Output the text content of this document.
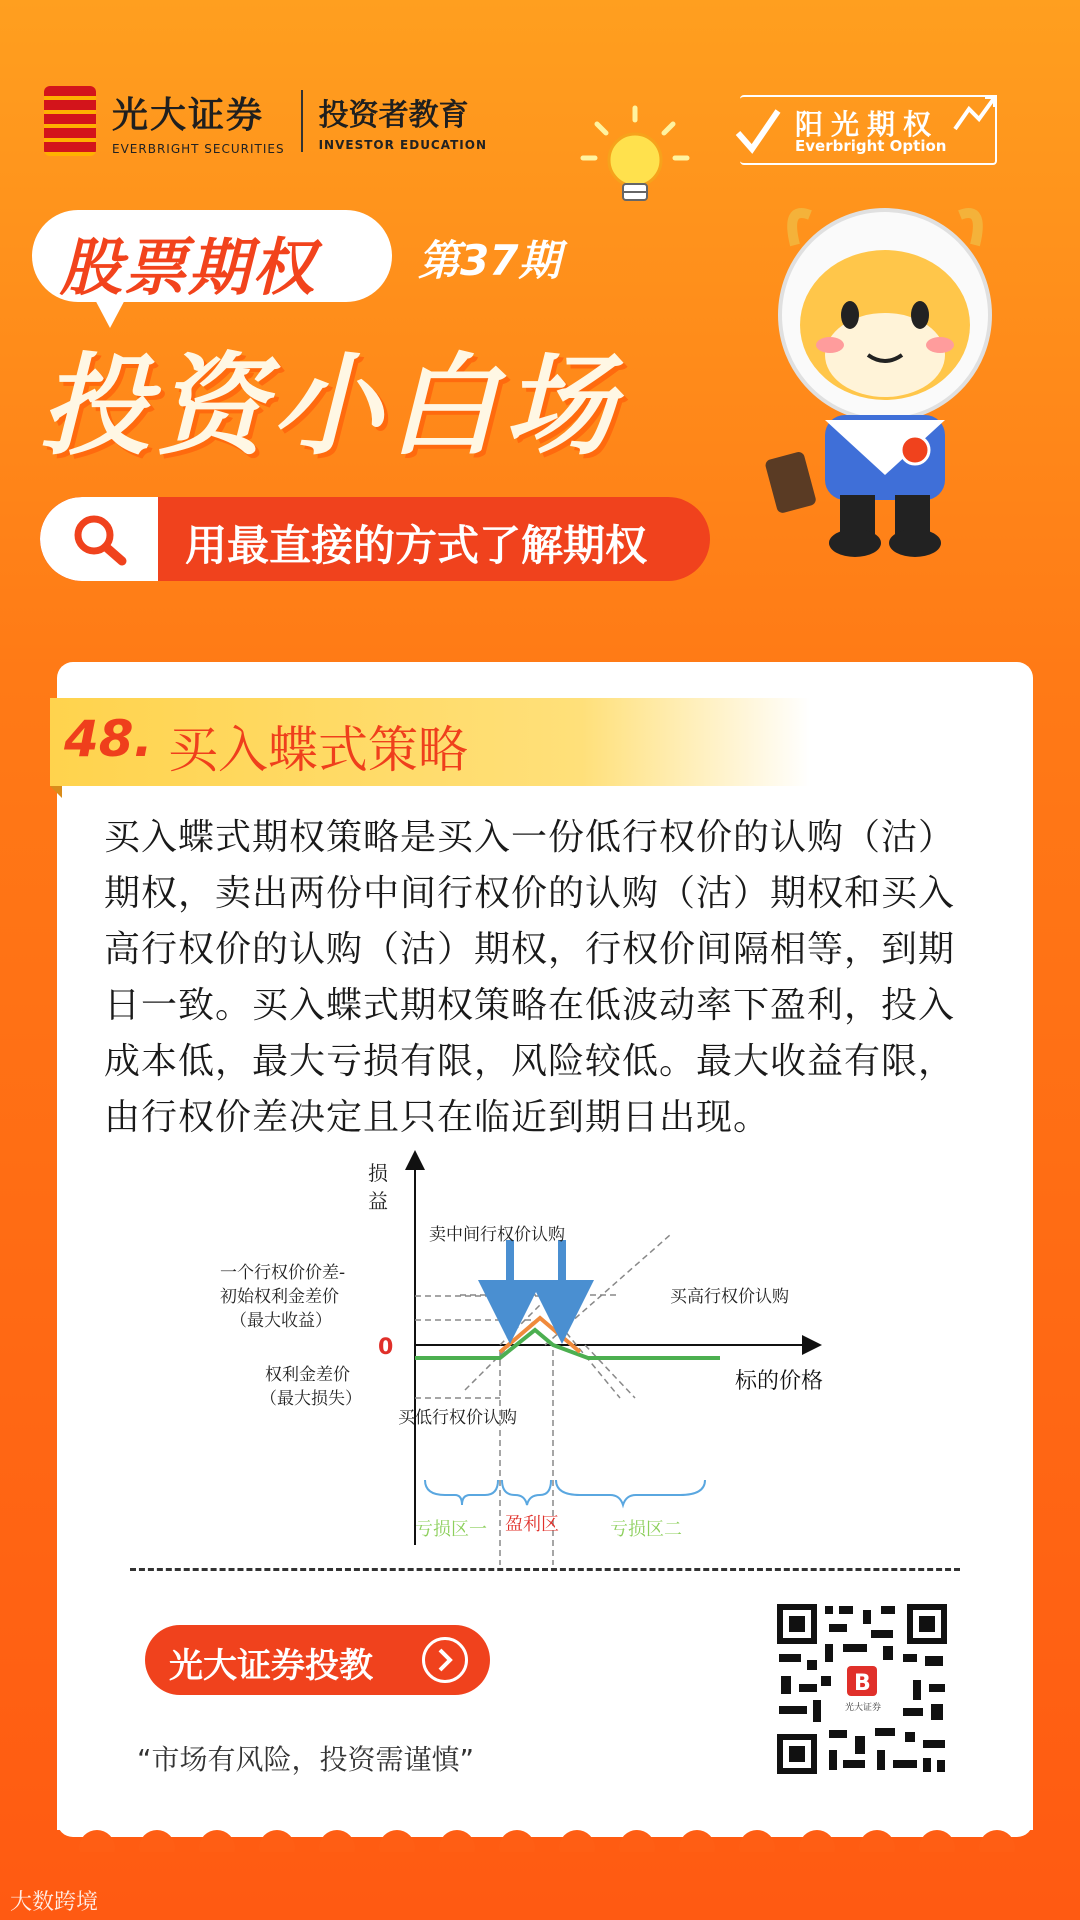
光大证券
EVERBRIGHT SECURITIES
投资者教育
INVESTOR EDUCATION
阳光期权
Everbright Option
股票期权 第37期
投资小白场
用最直接的方式了解期权
48. 买入蝶式策略
买入蝶式期权策略是买入一份低行权价的认购（沽）期权，卖出两份中间行权价的认购（沽）期权和买入高行权价的认购（沽）期权，行权价间隔相等，到期日一致。买入蝶式期权策略在低波动率下盈利，投入成本低，最大亏损有限，风险较低。最大收益有限，由行权价差决定且只在临近到期日出现。
损
益
卖中间行权价认购
买高行权价认购
买低行权价认购
一个行权价价差-
初始权利金差价
（最大收益）
权利金差价
（最大损失）
0
标的价格
亏损区一 盈利区	亏损区二
光大证券投教
“市场有风险，投资需谨慎”
B
光大证券
大数跨境
